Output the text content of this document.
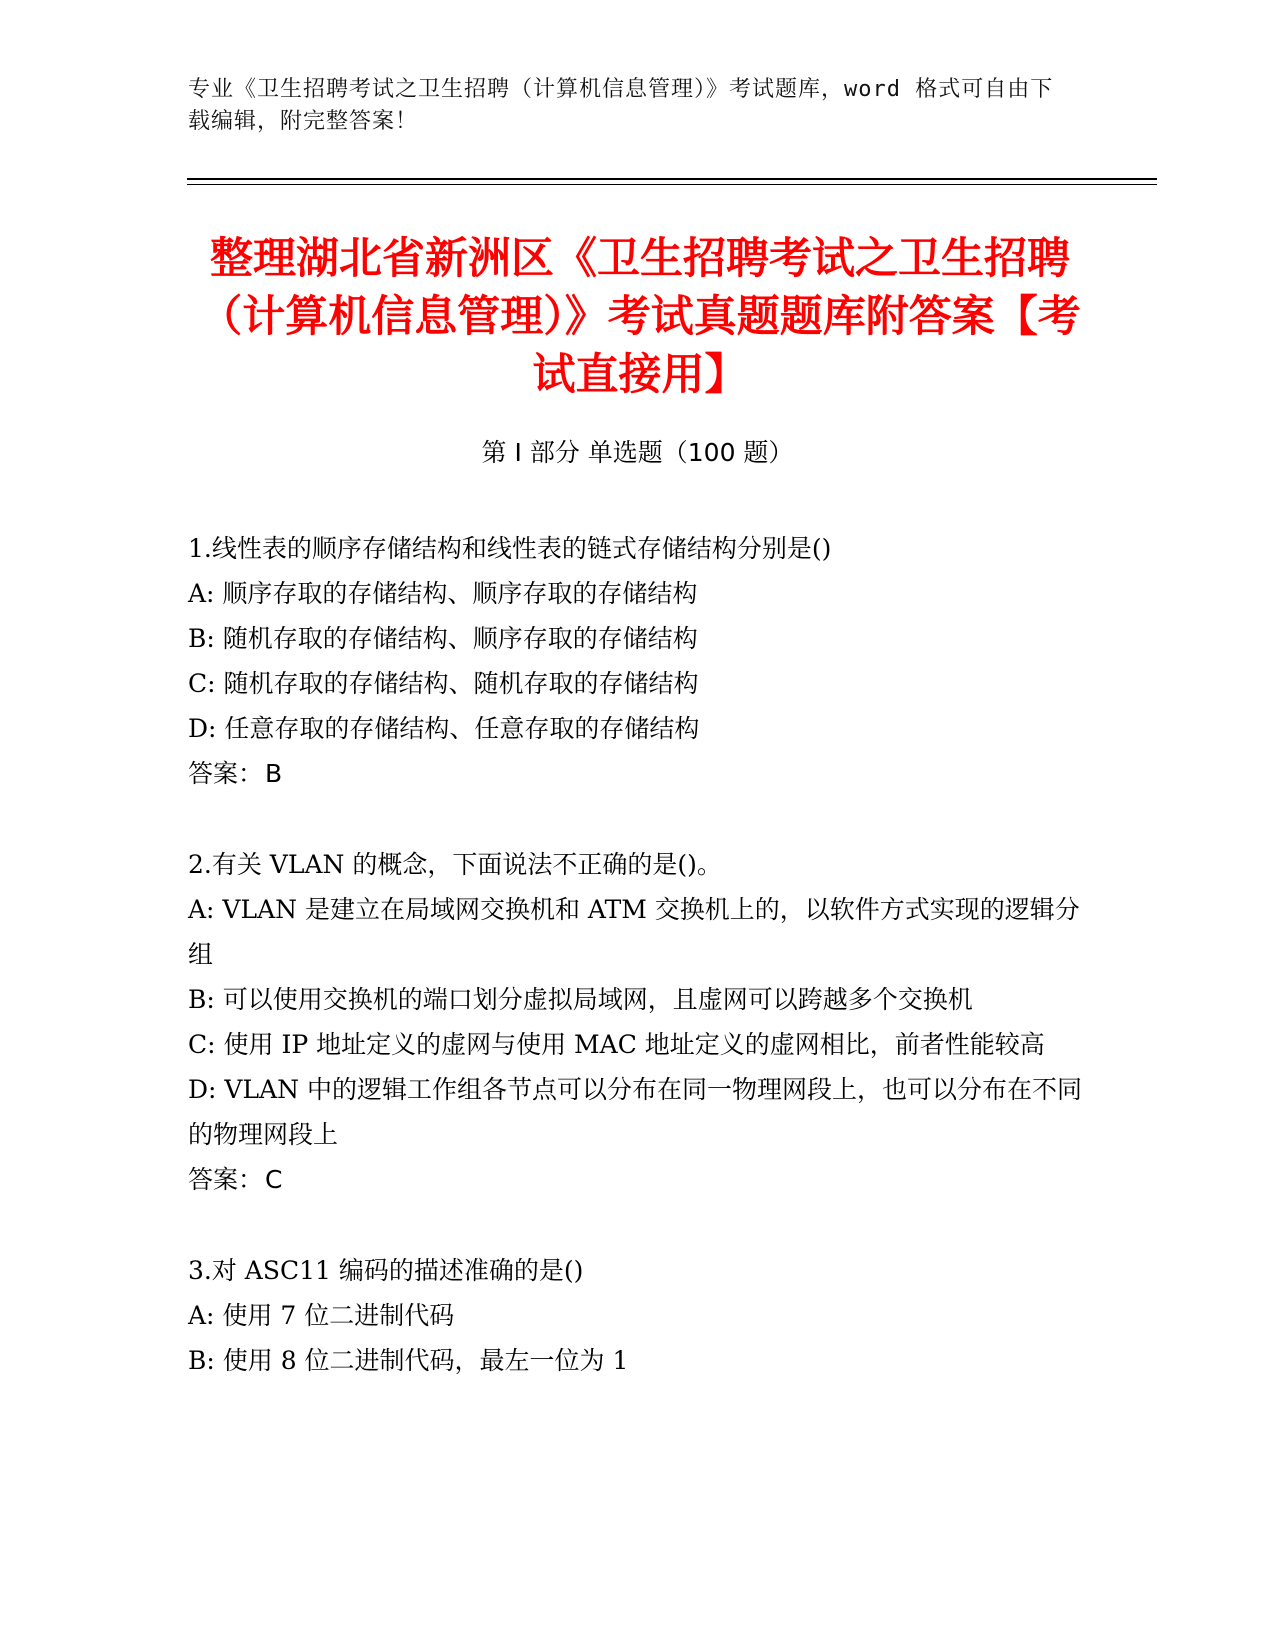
专业《卫生招聘考试之卫生招聘（计算机信息管理）》考试题库，word 格式可自由下载编辑，附完整答案！
整理湖北省新洲区《卫生招聘考试之卫生招聘（计算机信息管理）》考试真题题库附答案【考试直接用】
第 I 部分 单选题（100 题）

1.线性表的顺序存储结构和线性表的链式存储结构分别是()

A: 顺序存取的存储结构、顺序存取的存储结构

B: 随机存取的存储结构、顺序存取的存储结构

C: 随机存取的存储结构、随机存取的存储结构

D: 任意存取的存储结构、任意存取的存储结构

答案：B

2.有关 VLAN 的概念，下面说法不正确的是()。

A: VLAN 是建立在局域网交换机和 ATM 交换机上的，以软件方式实现的逻辑分组

B: 可以使用交换机的端口划分虚拟局域网，且虚网可以跨越多个交换机

C: 使用 IP 地址定义的虚网与使用 MAC 地址定义的虚网相比，前者性能较高

D: VLAN 中的逻辑工作组各节点可以分布在同一物理网段上，也可以分布在不同的物理网段上

答案：C

3.对 ASC11 编码的描述准确的是()

A: 使用 7 位二进制代码

B: 使用 8 位二进制代码，最左一位为 1
